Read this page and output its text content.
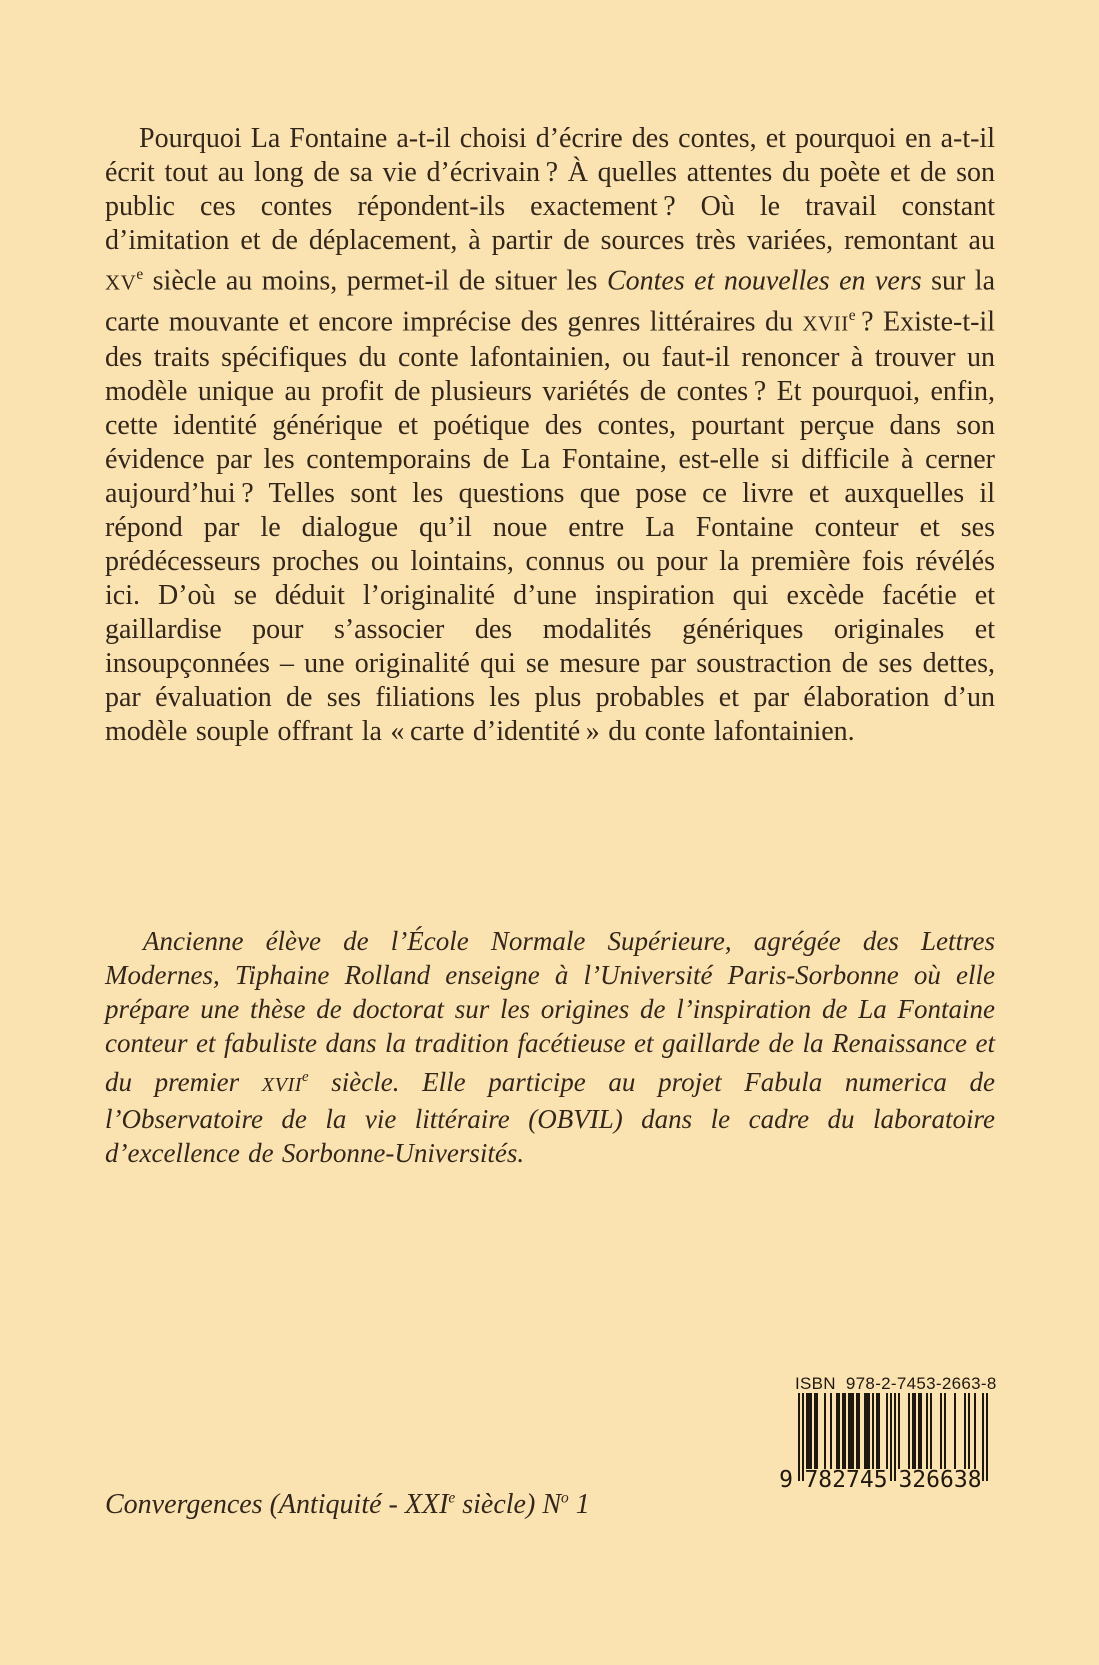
Pourquoi La Fontaine a-t-il choisi d’écrire des contes, et pourquoi en a-t-il écrit tout au long de sa vie d’écrivain ? À quelles attentes du poète et de son public ces contes répondent-ils exactement ? Où le travail constant d’imitation et de déplacement, à partir de sources très variées, remontant au XVe siècle au moins, permet-il de situer les Contes et nouvelles en vers sur la carte mouvante et encore imprécise des genres littéraires du XVIIe ? Existe-t-il des traits spécifiques du conte lafontainien, ou faut-il renoncer à trouver un modèle unique au profit de plusieurs variétés de contes ? Et pourquoi, enfin, cette identité générique et poétique des contes, pourtant perçue dans son évidence par les contemporains de La Fontaine, est-elle si difficile à cerner aujourd’hui ? Telles sont les questions que pose ce livre et auxquelles il répond par le dialogue qu’il noue entre La Fontaine conteur et ses prédécesseurs proches ou lointains, connus ou pour la première fois révélés ici. D’où se déduit l’originalité d’une inspiration qui excède facétie et gaillardise pour s’associer des modalités génériques originales et insoupçonnées – une originalité qui se mesure par soustraction de ses dettes, par évaluation de ses filiations les plus probables et par élaboration d’un modèle souple offrant la « carte d’identité » du conte lafontainien.

Ancienne élève de l’École Normale Supérieure, agrégée des Lettres Modernes, Tiphaine Rolland enseigne à l’Université Paris-Sorbonne où elle prépare une thèse de doctorat sur les origines de l’inspiration de La Fontaine conteur et fabuliste dans la tradition facétieuse et gaillarde de la Renaissance et du premier XVIIe siècle. Elle participe au projet Fabula numerica de l’Observatoire de la vie littéraire (OBVIL) dans le cadre du laboratoire d’excellence de Sorbonne-Universités.

ISBN  978-2-7453-2663-8
9 782745 326638

Convergences (Antiquité - XXIe siècle) $N^o$ 1
